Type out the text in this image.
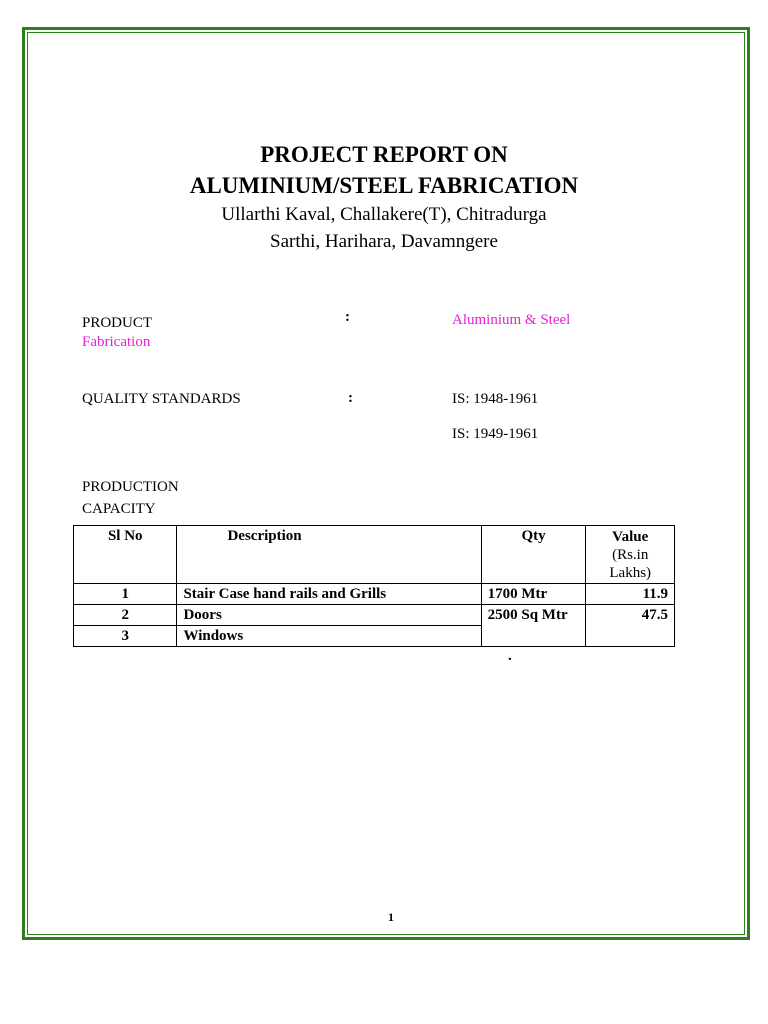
PROJECT REPORT ON
ALUMINIUM/STEEL FABRICATION
Ullarthi Kaval, Challakere(T), Chitradurga
Sarthi, Harihara, Davamngere
PRODUCT	:	Aluminium & Steel
Fabrication
QUALITY STANDARDS	:	IS: 1948-1961
IS: 1949-1961
PRODUCTION
CAPACITY
Sl No	Description	Qty	Value
(Rs.in
Lakhs)

1	Stair Case hand rails and Grills	1700 Mtr	11.9
2	Doors	2500 Sq Mtr	47.5
3	Windows		
.
1
